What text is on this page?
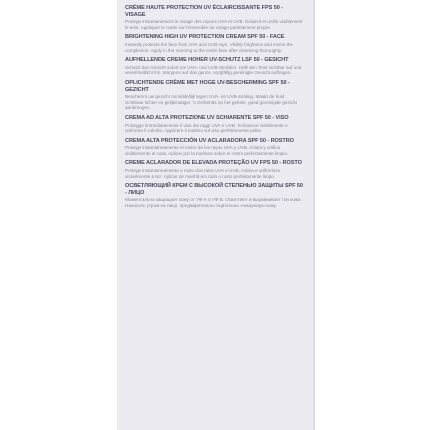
CRÈME HAUTE PROTECTION UV ÉCLAIRCISSANTE FPS 50 - VISAGE
Protège instantanément le visage des rayons UVA et UVB. Éclaircit et unifie visiblement le teint. Appliquer le matin sur l'ensemble du visage parfaitement propre.
BRIGHTENING HIGH UV PROTECTION CREAM SPF 50 - FACE
Instantly protects the face from UVA and UVB rays. Visibly brightens and evens the complexion. Apply in the morning to the entire face after cleansing thoroughly.
AUFHELLENDE CREME HOHER UV-SCHUTZ LSF 50 - GESICHT
Schützt das Gesicht sofort vor UVA- und UVB-Strahlen. Hellt den Teint sichtbar auf und vereinheitlicht ihn. Morgens auf das ganze, sorgfältig gereinigte Gesicht auftragen.
OPLICHTENDE CRÈME MET HOGE UV-BESCHERMING SPF 50 - GEZICHT
Beschermt uw gezicht onmiddellijk tegen UVA- en UVB-straling. Maakt de huid zichtbaar lichter en gelijkmatiger. 's Ochtends op het gehele, goed gereinigde gezicht aanbrengen.
CREMA AD ALTA PROTEZIONE UV SCHIARENTE SPF 50 - VISO
Protegge immediatamente il viso dai raggi UVA e UVB. Schiarisce visibilmente e uniforma il colorito. Applicare il mattino sul viso perfettamente pulito.
CREMA ALTA PROTECCIÓN UV ACLARADORA SPF 50 - ROSTRO
Protege instantáneamente el rostro de los rayos UVA y UVB. Aclara y unifica visiblemente el cutis. Aplicar por la mañana sobre el rostro perfectamente limpio.
CREME ACLARADOR DE ELEVADA PROTEÇÃO UV FPS 50 - ROSTO
Protege instantaneamente o rosto dos raios UVA e UVB. Aclara e uniformiza visivelmente a tez. Aplicar de manhã em todo o rosto perfeitamente limpo.
ОСВЕТЛЯЮЩИЙ КРЕМ С ВЫСОКОЙ СТЕПЕНЬЮ ЗАЩИТЫ SPF 50 - ЛИЦО
Моментально защищает кожу от УФ-А и УФ-В. Осветляет и выравнивает тон кожи. Наносить утром на лицо, предварительно тщательно очищенную кожу.
